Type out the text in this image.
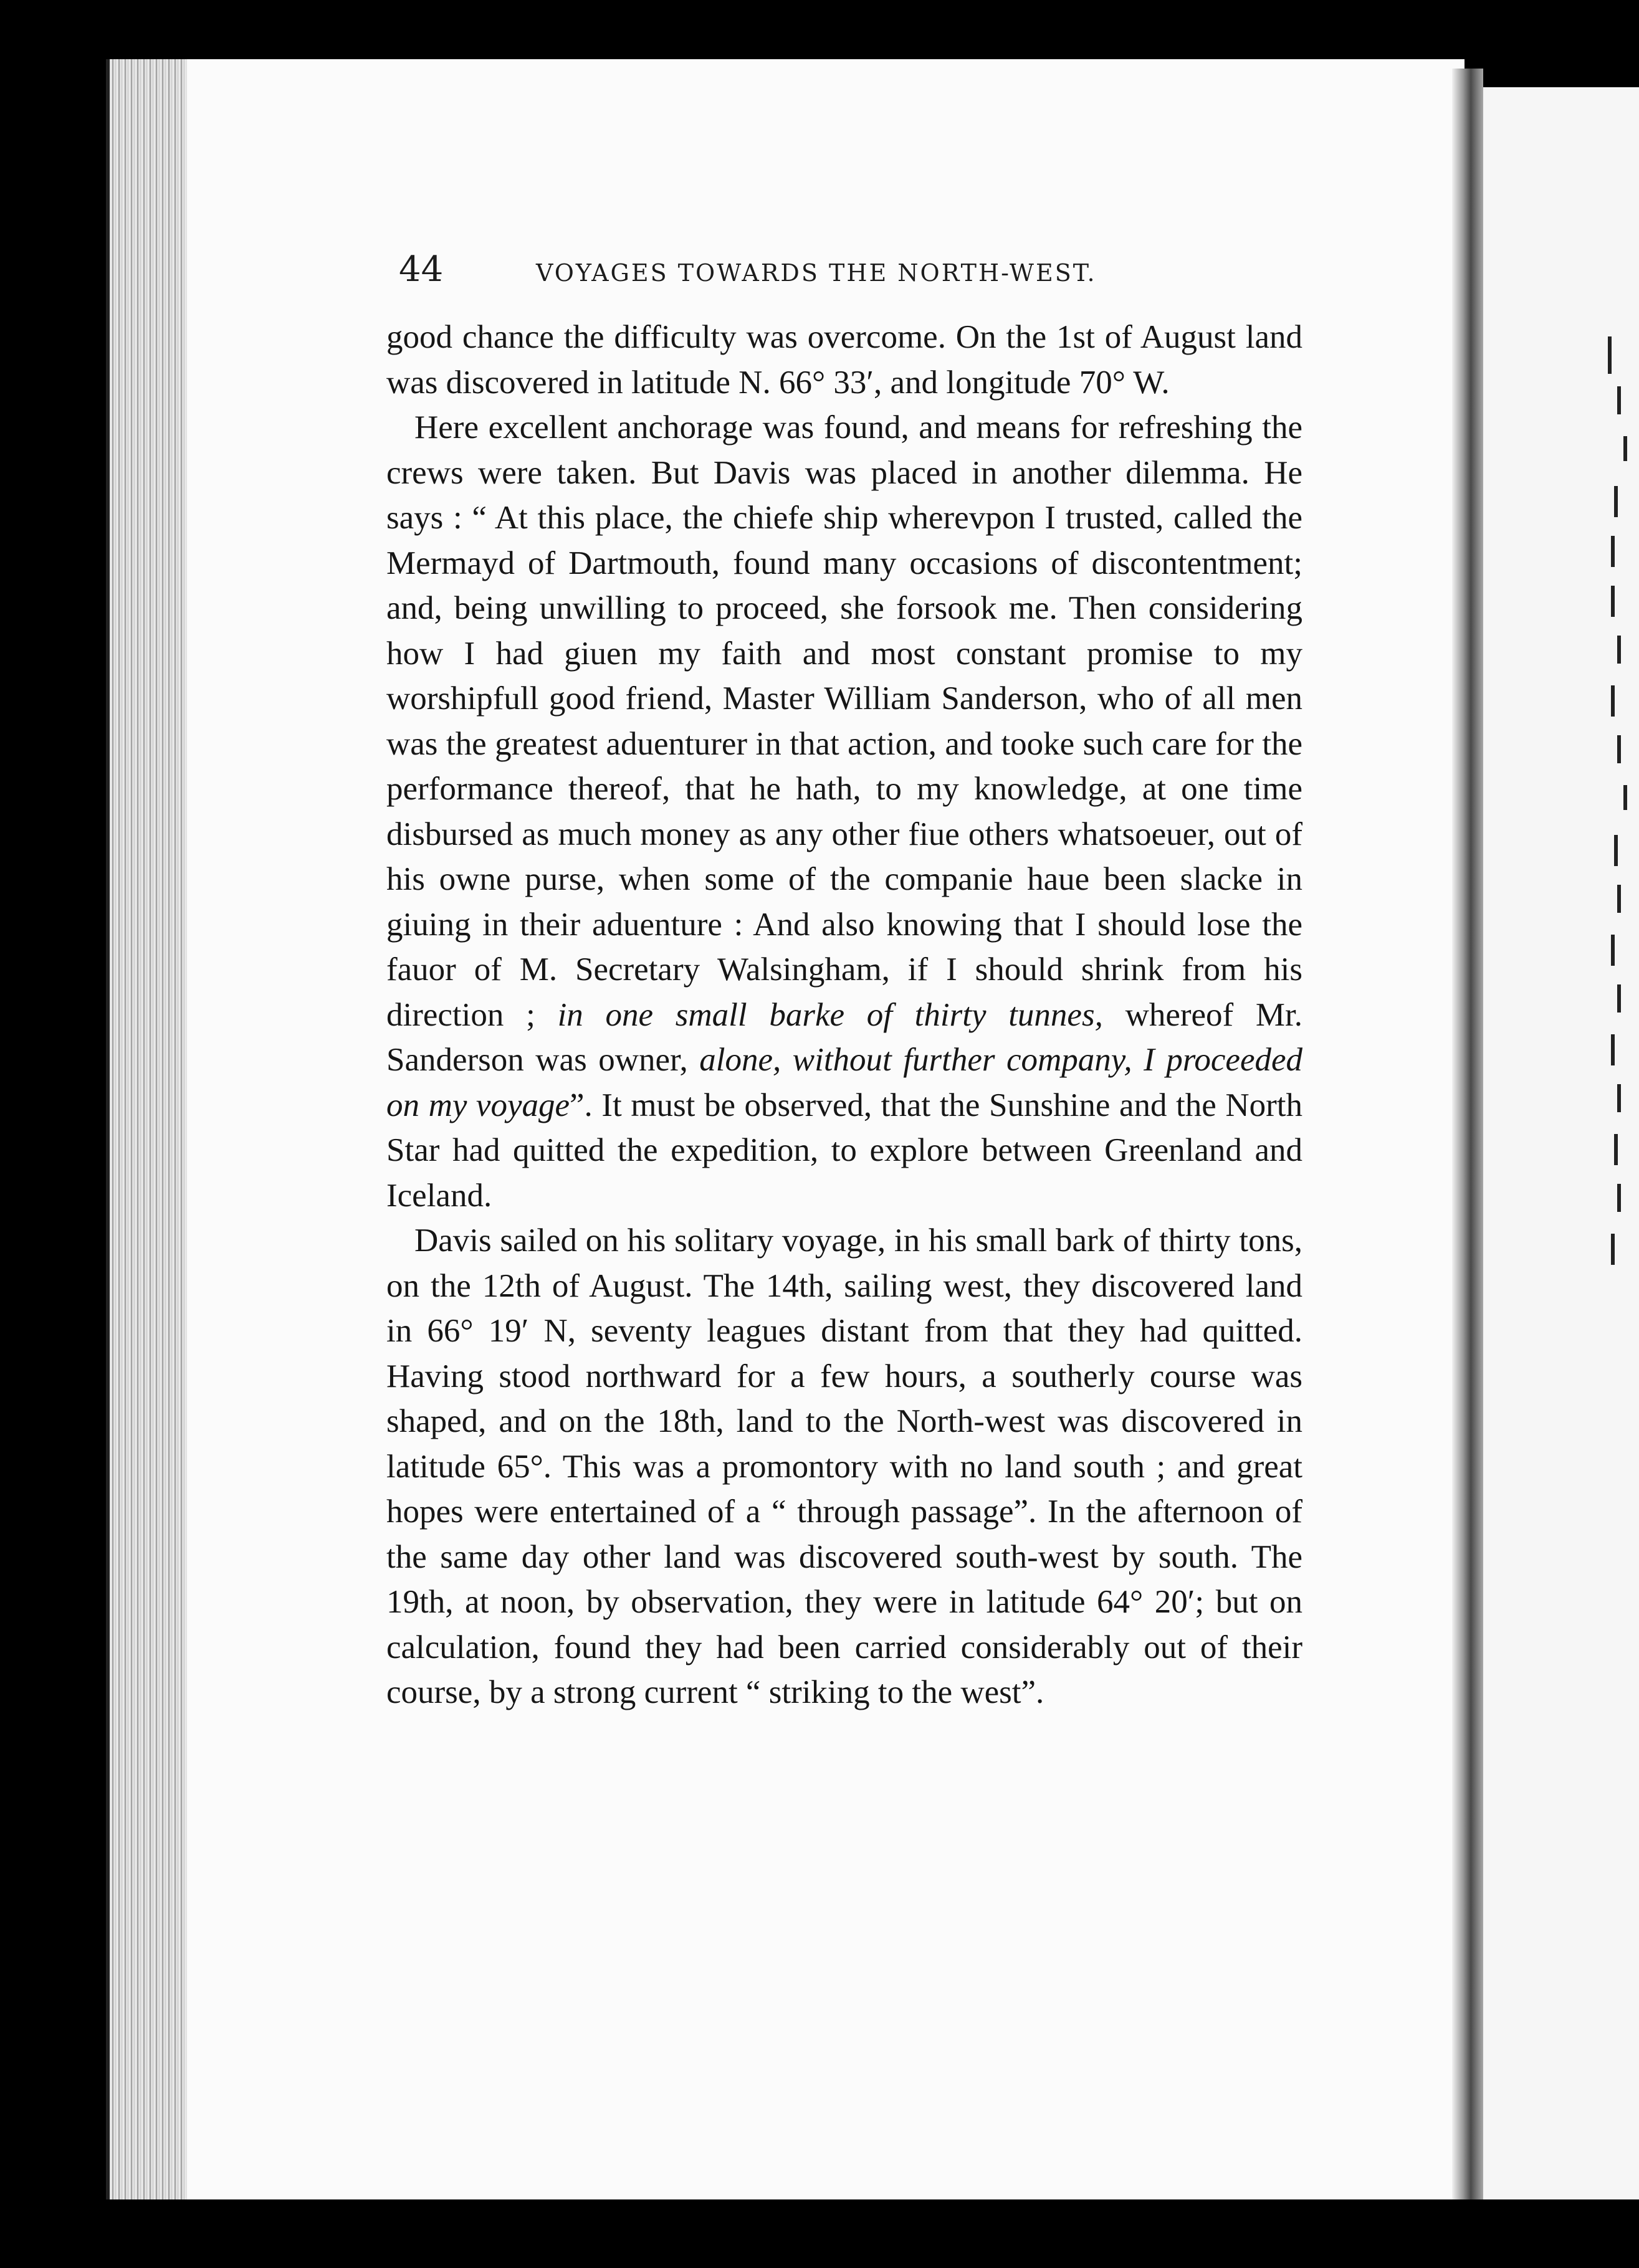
44	VOYAGES TOWARDS THE NORTH-WEST.

good chance the difficulty was overcome. On the 1st of August land was discovered in latitude N. 66° 33′, and longitude 70° W.

Here excellent anchorage was found, and means for refreshing the crews were taken. But Davis was placed in another dilemma. He says : “ At this place, the chiefe ship wherevpon I trusted, called the Mermayd of Dartmouth, found many occasions of discontentment; and, being unwilling to proceed, she forsook me. Then considering how I had giuen my faith and most constant promise to my worshipfull good friend, Master William Sanderson, who of all men was the greatest aduenturer in that action, and tooke such care for the performance thereof, that he hath, to my knowledge, at one time disbursed as much money as any other fiue others whatsoeuer, out of his owne purse, when some of the companie haue been slacke in giuing in their aduenture : And also knowing that I should lose the fauor of M. Secretary Walsingham, if I should shrink from his direction ; in one small barke of thirty tunnes, whereof Mr. Sanderson was owner, alone, without further company, I proceeded on my voyage”. It must be observed, that the Sunshine and the North Star had quitted the expedition, to explore between Greenland and Iceland.

Davis sailed on his solitary voyage, in his small bark of thirty tons, on the 12th of August. The 14th, sailing west, they discovered land in 66° 19′ N, seventy leagues distant from that they had quitted. Having stood northward for a few hours, a southerly course was shaped, and on the 18th, land to the North-west was discovered in latitude 65°. This was a promontory with no land south ; and great hopes were entertained of a “ through passage”. In the afternoon of the same day other land was discovered south-west by south. The 19th, at noon, by observation, they were in latitude 64° 20′; but on calculation, found they had been carried considerably out of their course, by a strong current “ striking to the west”.
